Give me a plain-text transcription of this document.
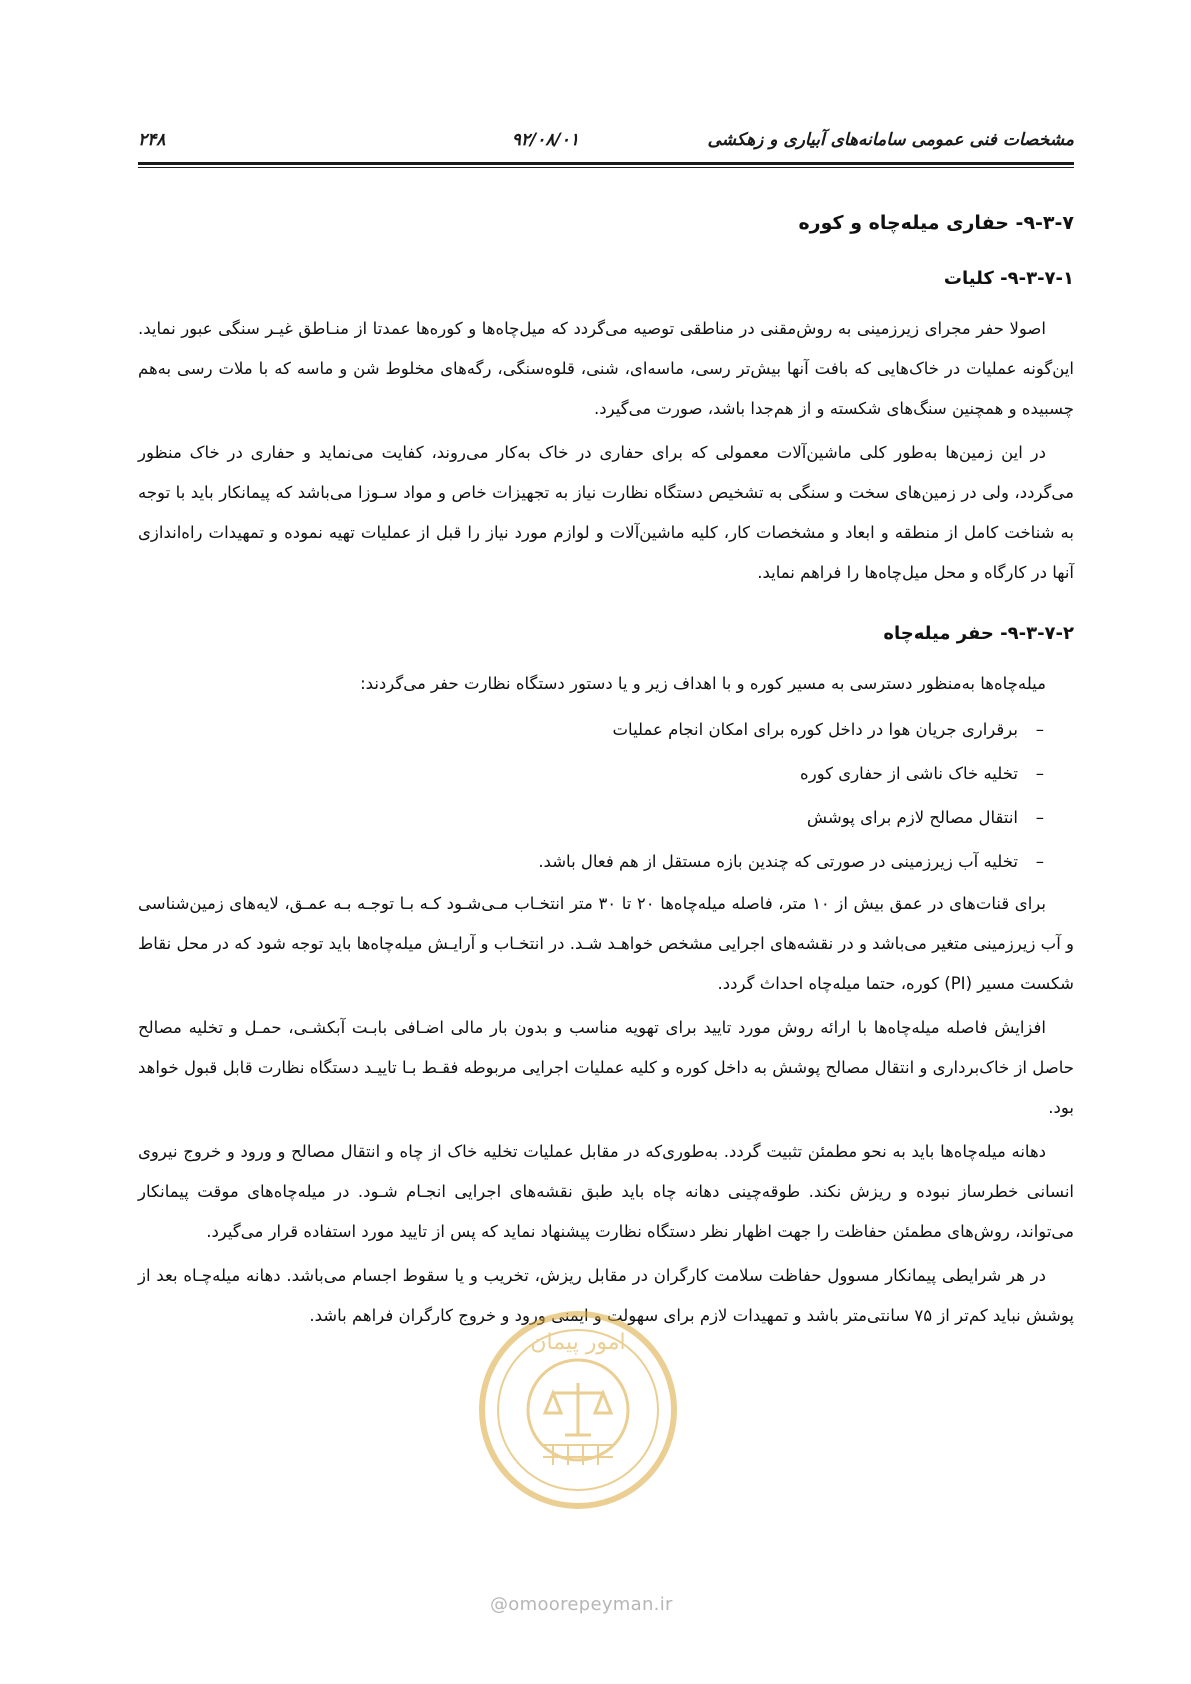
مشخصات فنی عمومی سامانه‌های آبیاری و زهکشی
۹۲/۰۸/۰۱
۲۴۸
۹-۳-۷- حفاری میله‌چاه و کوره
۹-۳-۷-۱- کلیات

اصولا حفر مجرای زیرزمینی به روش‌مقنی در مناطقی توصیه می‌گردد که میل‌چاه‌ها و کوره‌ها عمدتا از منـاطق غیـر سنگی عبور نماید. این‌گونه عملیات در خاک‌هایی که بافت آنها بیش‌تر رسی، ماسه‌ای، شنی، قلوه‌سنگی، رگه‌های مخلوط شن و ماسه که با ملات رسی به‌هم چسبیده و همچنین سنگ‌های شکسته و از هم‌جدا باشد، صورت می‌گیرد.

در این زمین‌ها به‌طور کلی ماشین‌آلات معمولی که برای حفاری در خاک به‌کار می‌روند، کفایت می‌نماید و حفاری در خاک منظور می‌گردد، ولی در زمین‌های سخت و سنگی به تشخیص دستگاه نظارت نیاز به تجهیزات خاص و مواد سـوزا می‌باشد که پیمانکار باید با توجه به شناخت کامل از منطقه و ابعاد و مشخصات کار، کلیه ماشین‌آلات و لوازم مورد نیاز را قبل از عملیات تهیه نموده و تمهیدات راه‌اندازی آنها در کارگاه و محل میل‌چاه‌ها را فراهم نماید.

۹-۳-۷-۲- حفر میله‌چاه

میله‌چاه‌ها به‌منظور دسترسی به مسیر کوره و با اهداف زیر و یا دستور دستگاه نظارت حفر می‌گردند:

–
برقراری جریان هوا در داخل کوره برای امکان انجام عملیات
–
تخلیه خاک ناشی از حفاری کوره
–
انتقال مصالح لازم برای پوشش
–
تخلیه آب زیرزمینی در صورتی که چندین بازه مستقل از هم فعال باشد.

برای قنات‌های در عمق بیش از ۱۰ متر، فاصله میله‌چاه‌ها ۲۰ تا ۳۰ متر انتخـاب مـی‌شـود کـه بـا توجـه بـه عمـق، لایه‌های زمین‌شناسی و آب زیرزمینی متغیر می‌باشد و در نقشه‌های اجرایی مشخص خواهـد شـد. در انتخـاب و آرایـش میله‌چاه‌ها باید توجه شود که در محل نقاط شکست مسیر (PI) کوره، حتما میله‌چاه احداث گردد.

افزایش فاصله میله‌چاه‌ها با ارائه روش مورد تایید برای تهویه مناسب و بدون بار مالی اضـافی بابـت آبکشـی، حمـل و تخلیه مصالح حاصل از خاک‌برداری و انتقال مصالح پوشش به داخل کوره و کلیه عملیات اجرایی مربوطه فقـط بـا تاییـد دستگاه نظارت قابل قبول خواهد بود.

دهانه میله‌چاه‌ها باید به نحو مطمئن تثبیت گردد. به‌طوری‌که در مقابل عملیات تخلیه خاک از چاه و انتقال مصالح و ورود و خروج نیروی انسانی خطرساز نبوده و ریزش نکند. طوقه‌چینی دهانه چاه باید طبق نقشه‌های اجرایی انجـام شـود. در میله‌چاه‌های موقت پیمانکار می‌تواند، روش‌های مطمئن حفاظت را جهت اظهار نظر دستگاه نظارت پیشنهاد نماید که پس از تایید مورد استفاده قرار می‌گیرد.

در هر شرایطی پیمانکار مسوول حفاظت سلامت کارگران در مقابل ریزش، تخریب و یا سقوط اجسام می‌باشد. دهانه میله‌چـاه بعد از پوشش نباید کم‌تر از ۷۵ سانتی‌متر باشد و تمهیدات لازم برای سهولت و ایمنی ورود و خروج کارگران فراهم باشد.

امور پیمان
@omoorepeyman.ir
